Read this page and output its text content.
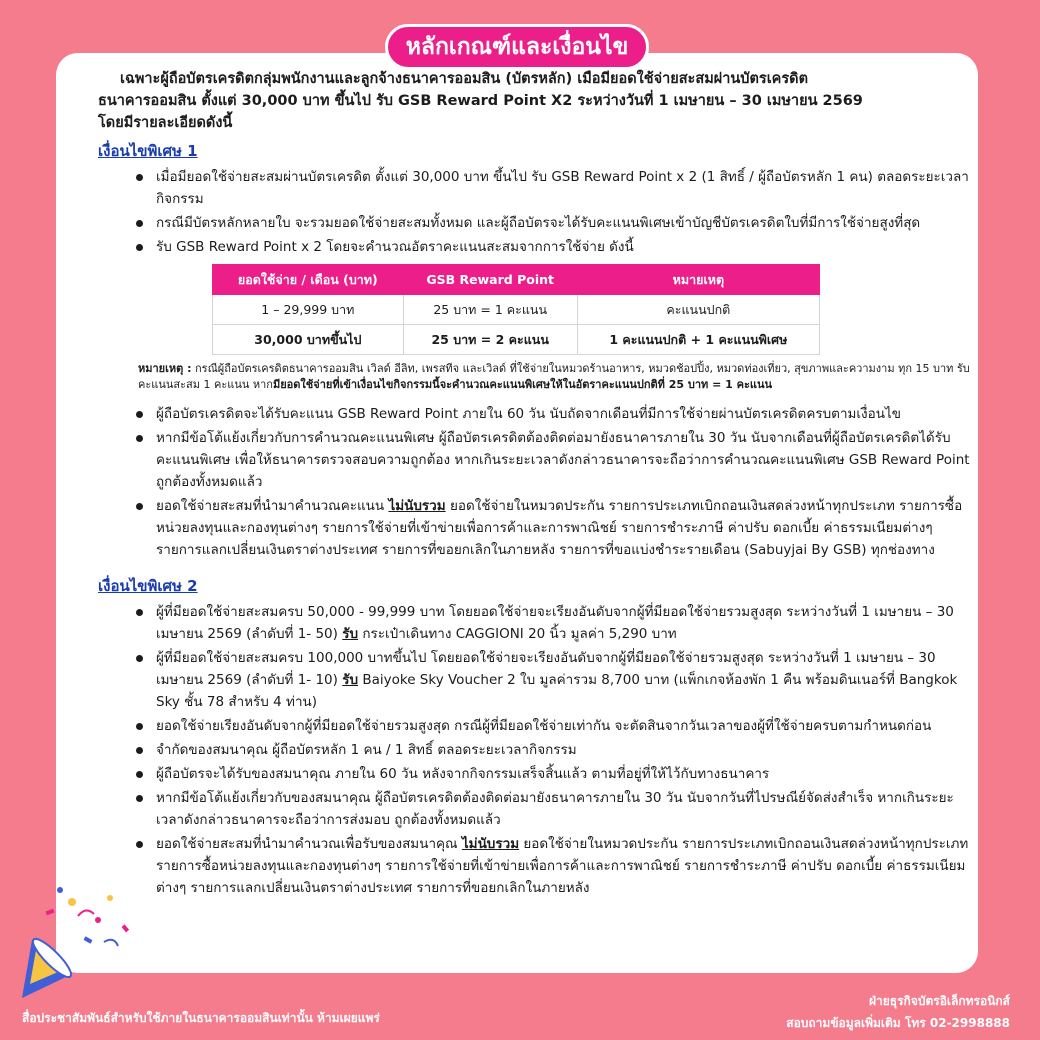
หลักเกณฑ์และเงื่อนไข

เฉพาะผู้ถือบัตรเครดิตกลุ่มพนักงานและลูกจ้างธนาคารออมสิน (บัตรหลัก) เมื่อมียอดใช้จ่ายสะสมผ่านบัตรเครดิต

ธนาคารออมสิน ตั้งแต่ 30,000 บาท ขึ้นไป รับ GSB Reward Point X2 ระหว่างวันที่ 1 เมษายน – 30 เมษายน 2569

โดยมีรายละเอียดดังนี้

เงื่อนไขพิเศษ 1
เมื่อมียอดใช้จ่ายสะสมผ่านบัตรเครดิต ตั้งแต่ 30,000 บาท ขึ้นไป รับ GSB Reward Point x 2 (1 สิทธิ์ / ผู้ถือบัตรหลัก 1 คน) ตลอดระยะเวลากิจกรรม
กรณีมีบัตรหลักหลายใบ จะรวมยอดใช้จ่ายสะสมทั้งหมด และผู้ถือบัตรจะได้รับคะแนนพิเศษเข้าบัญชีบัตรเครดิตใบที่มีการใช้จ่ายสูงที่สุด
รับ GSB Reward Point x 2 โดยจะคำนวณอัตราคะแนนสะสมจากการใช้จ่าย ดังนี้
ยอดใช้จ่าย / เดือน (บาท)	GSB Reward Point	หมายเหตุ
1 – 29,999 บาท	25 บาท = 1 คะแนน	คะแนนปกติ
30,000 บาทขึ้นไป	25 บาท = 2 คะแนน	1 คะแนนปกติ + 1 คะแนนพิเศษ
หมายเหตุ : กรณีผู้ถือบัตรเครดิตธนาคารออมสิน เวิลด์ อีลิท, เพรสทีจ และเวิลด์ ที่ใช้จ่ายในหมวดร้านอาหาร, หมวดช้อปปิ้ง, หมวดท่องเที่ยว, สุขภาพและความงาม ทุก 15 บาท รับคะแนนสะสม 1 คะแนน หากมียอดใช้จ่ายที่เข้าเงื่อนไขกิจกรรมนี้จะคำนวณคะแนนพิเศษให้ในอัตราคะแนนปกติที่ 25 บาท = 1 คะแนน
ผู้ถือบัตรเครดิตจะได้รับคะแนน GSB Reward Point ภายใน 60 วัน นับถัดจากเดือนที่มีการใช้จ่ายผ่านบัตรเครดิตครบตามเงื่อนไข
หากมีข้อโต้แย้งเกี่ยวกับการคำนวณคะแนนพิเศษ ผู้ถือบัตรเครดิตต้องติดต่อมายังธนาคารภายใน 30 วัน นับจากเดือนที่ผู้ถือบัตรเครดิตได้รับคะแนนพิเศษ เพื่อให้ธนาคารตรวจสอบความถูกต้อง หากเกินระยะเวลาดังกล่าวธนาคารจะถือว่าการคำนวณคะแนนพิเศษ GSB Reward Point ถูกต้องทั้งหมดแล้ว
ยอดใช้จ่ายสะสมที่นำมาคำนวณคะแนน ไม่นับรวม ยอดใช้จ่ายในหมวดประกัน รายการประเภทเบิกถอนเงินสดล่วงหน้าทุกประเภท รายการซื้อหน่วยลงทุนและกองทุนต่างๆ รายการใช้จ่ายที่เข้าข่ายเพื่อการค้าและการพาณิชย์ รายการชำระภาษี ค่าปรับ ดอกเบี้ย ค่าธรรมเนียมต่างๆ รายการแลกเปลี่ยนเงินตราต่างประเทศ รายการที่ขอยกเลิกในภายหลัง รายการที่ขอแบ่งชำระรายเดือน (Sabuyjai By GSB) ทุกช่องทาง
เงื่อนไขพิเศษ 2
ผู้ที่มียอดใช้จ่ายสะสมครบ 50,000 - 99,999 บาท โดยยอดใช้จ่ายจะเรียงอันดับจากผู้ที่มียอดใช้จ่ายรวมสูงสุด ระหว่างวันที่ 1 เมษายน – 30 เมษายน 2569 (ลำดับที่ 1- 50) รับ กระเป๋าเดินทาง CAGGIONI 20 นิ้ว มูลค่า 5,290 บาท
ผู้ที่มียอดใช้จ่ายสะสมครบ 100,000 บาทขึ้นไป โดยยอดใช้จ่ายจะเรียงอันดับจากผู้ที่มียอดใช้จ่ายรวมสูงสุด ระหว่างวันที่ 1 เมษายน – 30 เมษายน 2569 (ลำดับที่ 1- 10) รับ Baiyoke Sky Voucher 2 ใบ มูลค่ารวม 8,700 บาท (แพ็กเกจห้องพัก 1 คืน พร้อมดินเนอร์ที่ Bangkok Sky ชั้น 78 สำหรับ 4 ท่าน)
ยอดใช้จ่ายเรียงอันดับจากผู้ที่มียอดใช้จ่ายรวมสูงสุด กรณีผู้ที่มียอดใช้จ่ายเท่ากัน จะตัดสินจากวันเวลาของผู้ที่ใช้จ่ายครบตามกำหนดก่อน
จำกัดของสมนาคุณ ผู้ถือบัตรหลัก 1 คน / 1 สิทธิ์ ตลอดระยะเวลากิจกรรม
ผู้ถือบัตรจะได้รับของสมนาคุณ ภายใน 60 วัน หลังจากกิจกรรมเสร็จสิ้นแล้ว ตามที่อยู่ที่ให้ไว้กับทางธนาคาร
หากมีข้อโต้แย้งเกี่ยวกับของสมนาคุณ ผู้ถือบัตรเครดิตต้องติดต่อมายังธนาคารภายใน 30 วัน นับจากวันที่ไปรษณีย์จัดส่งสำเร็จ หากเกินระยะเวลาดังกล่าวธนาคารจะถือว่าการส่งมอบ ถูกต้องทั้งหมดแล้ว
ยอดใช้จ่ายสะสมที่นำมาคำนวณเพื่อรับของสมนาคุณ ไม่นับรวม ยอดใช้จ่ายในหมวดประกัน รายการประเภทเบิกถอนเงินสดล่วงหน้าทุกประเภท รายการซื้อหน่วยลงทุนและกองทุนต่างๆ รายการใช้จ่ายที่เข้าข่ายเพื่อการค้าและการพาณิชย์ รายการชำระภาษี ค่าปรับ ดอกเบี้ย ค่าธรรมเนียมต่างๆ รายการแลกเปลี่ยนเงินตราต่างประเทศ รายการที่ขอยกเลิกในภายหลัง
สื่อประชาสัมพันธ์สำหรับใช้ภายในธนาคารออมสินเท่านั้น ห้ามเผยแพร่
ฝ่ายธุรกิจบัตรอิเล็กทรอนิกส์
สอบถามข้อมูลเพิ่มเติม โทร 02-2998888
